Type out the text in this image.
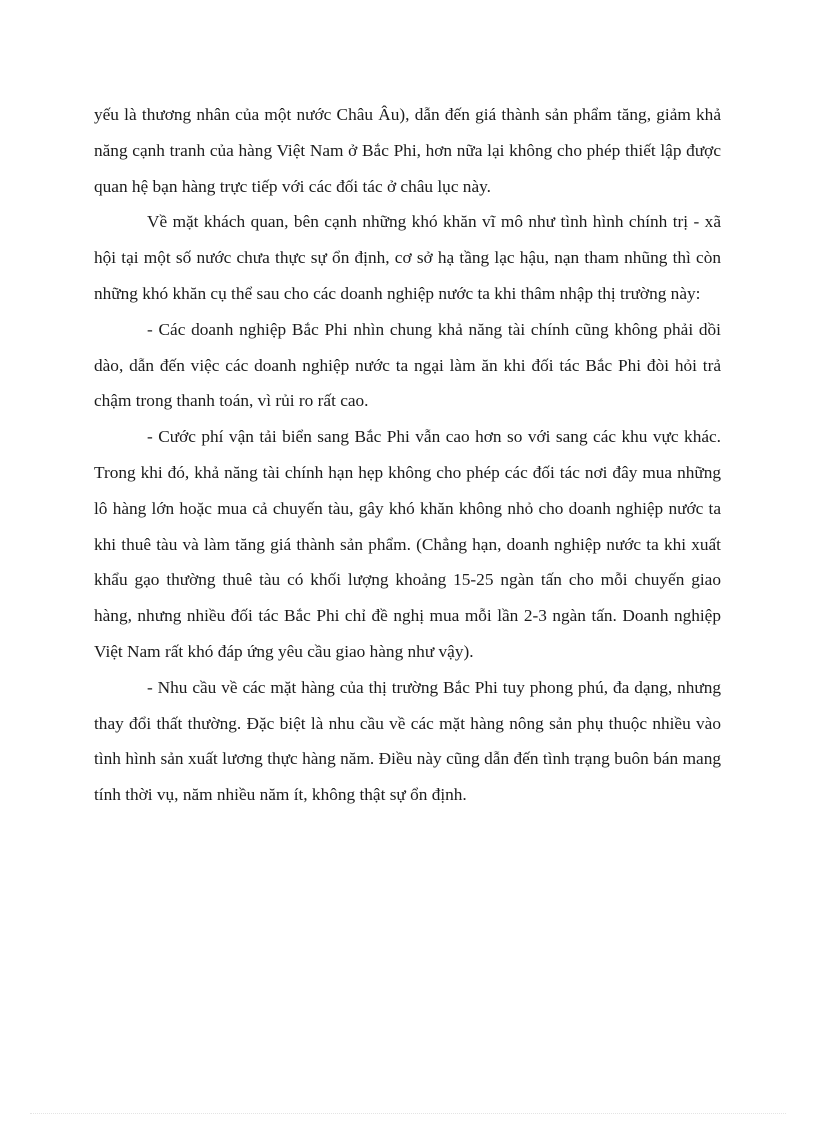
yếu là thương nhân của một nước Châu Âu), dẫn đến giá thành sản phẩm tăng, giảm khả năng cạnh tranh của hàng Việt Nam ở Bắc Phi, hơn nữa lại không cho phép thiết lập được quan hệ bạn hàng trực tiếp với các đối tác ở châu lục này.

Về mặt khách quan, bên cạnh những khó khăn vĩ mô như tình hình chính trị - xã hội tại một số nước chưa thực sự ổn định, cơ sở hạ tầng lạc hậu, nạn tham nhũng thì còn những khó khăn cụ thể sau cho các doanh nghiệp nước ta khi thâm nhập thị trường này:

- Các doanh nghiệp Bắc Phi nhìn chung khả năng tài chính cũng không phải dồi dào, dẫn đến việc các doanh nghiệp nước ta ngại làm ăn khi đối tác Bắc Phi đòi hỏi trả chậm trong thanh toán, vì rủi ro rất cao.

- Cước phí vận tải biển sang Bắc Phi vẫn cao hơn so với sang các khu vực khác. Trong khi đó, khả năng tài chính hạn hẹp không cho phép các đối tác nơi đây mua những lô hàng lớn hoặc mua cả chuyến tàu, gây khó khăn không nhỏ cho doanh nghiệp nước ta khi thuê tàu và làm tăng giá thành sản phẩm. (Chẳng hạn, doanh nghiệp nước ta khi xuất khẩu gạo thường thuê tàu có khối lượng khoảng 15-25 ngàn tấn cho mỗi chuyến giao hàng, nhưng nhiều đối tác Bắc Phi chỉ đề nghị mua mỗi lần 2-3 ngàn tấn. Doanh nghiệp Việt Nam rất khó đáp ứng yêu cầu giao hàng như vậy).

- Nhu cầu về các mặt hàng của thị trường Bắc Phi tuy phong phú, đa dạng, nhưng thay đổi thất thường. Đặc biệt là nhu cầu về các mặt hàng nông sản phụ thuộc nhiều vào tình hình sản xuất lương thực hàng năm. Điều này cũng dẫn đến tình trạng buôn bán mang tính thời vụ, năm nhiều năm ít, không thật sự ổn định.
